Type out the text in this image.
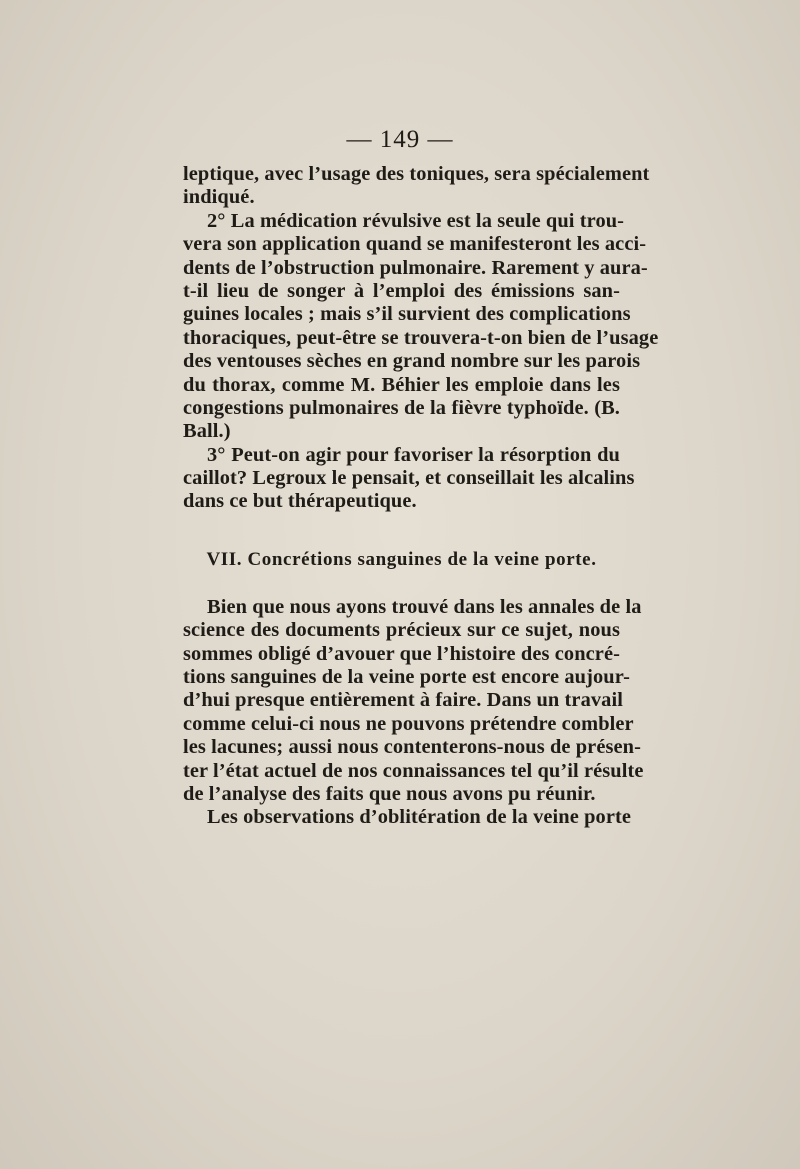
— 149 —
leptique, avec l’usage des toniques, sera spécialement
indiqué.
2° La médication révulsive est la seule qui trou-
vera son application quand se manifesteront les acci-
dents de l’obstruction pulmonaire. Rarement y aura-
t-il lieu de songer à l’emploi des émissions san-
guines locales ; mais s’il survient des complications
thoraciques, peut-être se trouvera-t-on bien de l’usage
des ventouses sèches en grand nombre sur les parois
du thorax, comme M. Béhier les emploie dans les
congestions pulmonaires de la fièvre typhoïde. (B.
Ball.)
3° Peut-on agir pour favoriser la résorption du
caillot? Legroux le pensait, et conseillait les alcalins
dans ce but thérapeutique.
VII. Concrétions sanguines de la veine porte.
Bien que nous ayons trouvé dans les annales de la
science des documents précieux sur ce sujet, nous
sommes obligé d’avouer que l’histoire des concré-
tions sanguines de la veine porte est encore aujour-
d’hui presque entièrement à faire. Dans un travail
comme celui-ci nous ne pouvons prétendre combler
les lacunes; aussi nous contenterons-nous de présen-
ter l’état actuel de nos connaissances tel qu’il résulte
de l’analyse des faits que nous avons pu réunir.
Les observations d’oblitération de la veine porte
